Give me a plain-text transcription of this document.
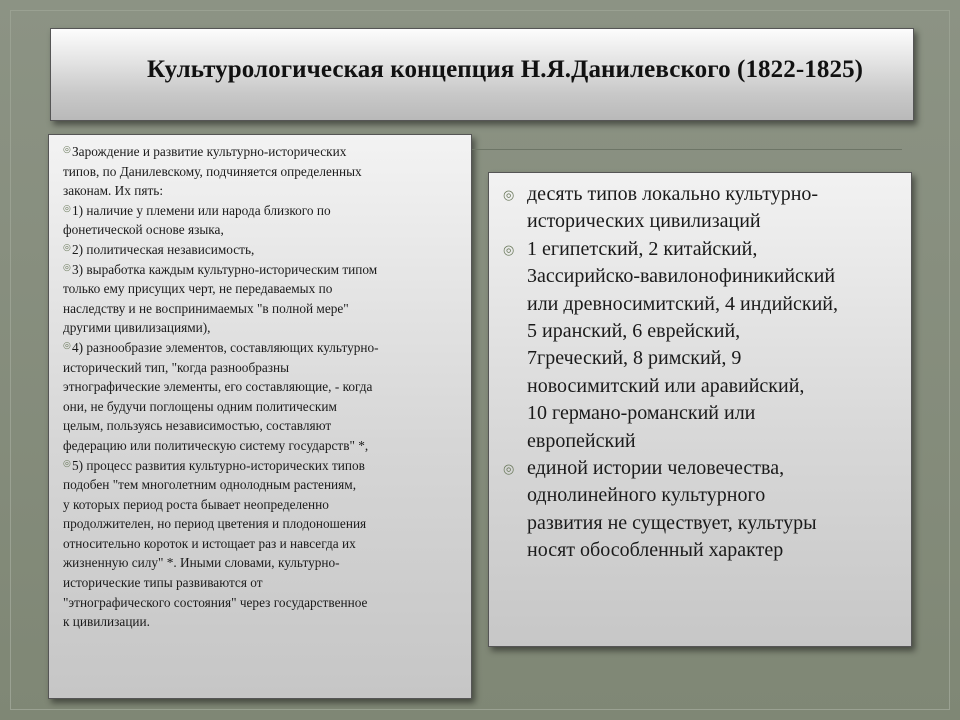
Культурологическая концепция Н.Я.Данилевского (1822-1825)

◎Зарождение и развитие культурно-исторических
типов, по Данилевскому, подчиняется определенных
законам. Их пять:

◎1) наличие у племени или народа близкого по
фонетической основе языка,

◎2) политическая независимость,

◎3) выработка каждым культурно-историческим типом
только ему присущих черт, не передаваемых по
наследству и не воспринимаемых "в полной мере"
другими цивилизациями),

◎4) разнообразие элементов, составляющих культурно-
исторический тип, "когда разнообразны
этнографические элементы, его составляющие, - когда
они, не будучи поглощены одним политическим
целым, пользуясь независимостью, составляют
федерацию или политическую систему государств" *,

◎5) процесс развития культурно-исторических типов
подобен "тем многолетним однолодным растениям,
у которых период роста бывает неопределенно
продолжителен, но период цветения и плодоношения
относительно короток и истощает раз и навсегда их
жизненную силу" *. Иными словами, культурно-
исторические типы развиваются от
"этнографического состояния" через государственное
к цивилизации.

◎ десять типов локально культурно-
исторических цивилизаций
◎ 1 египетский, 2 китайский,
3ассирийско-вавилонофиникийский
или древносимитский, 4 индийский,
5 иранский, 6 еврейский,
7греческий, 8 римский, 9
новосимитский или аравийский,
10 германо-романский или
европейский
◎ единой истории человечества,
однолинейного культурного
развития не существует, культуры
носят обособленный характер
